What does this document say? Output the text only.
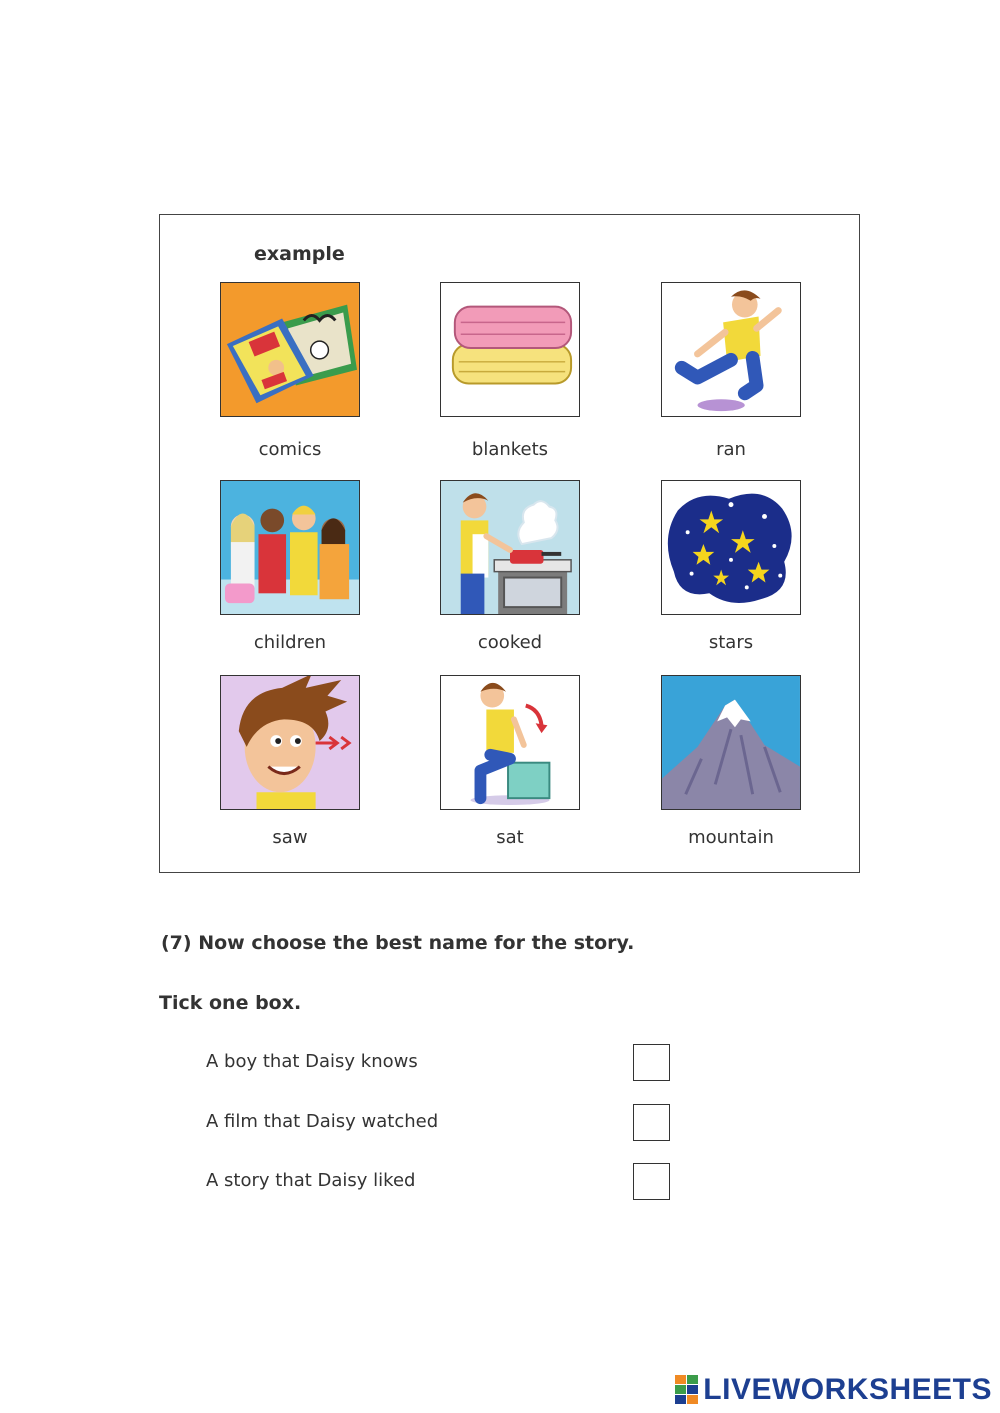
example
comics	blankets	ran
children	cooked	stars
saw	sat	mountain
(7) Now choose the best name for the story.
Tick one box.
A boy that Daisy knows
A film that Daisy watched
A story that Daisy liked
LIVEWORKSHEETS
